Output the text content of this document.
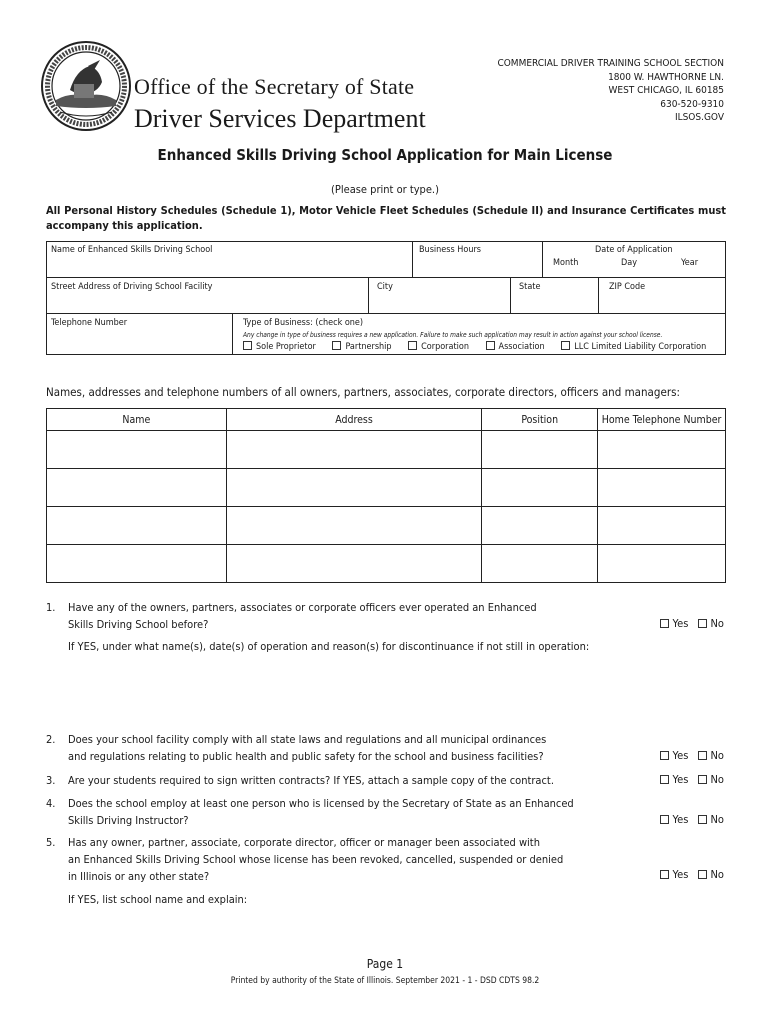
Office of the Secretary of State
Driver Services Department
COMMERCIAL DRIVER TRAINING SCHOOL SECTION
1800 W. HAWTHORNE LN.
WEST CHICAGO, IL 60185
630-520-9310
ILSOS.GOV
Enhanced Skills Driving School Application for Main License
(Please print or type.)
All Personal History Schedules (Schedule 1), Motor Vehicle Fleet Schedules (Schedule II) and Insurance Certificates must accompany this application.
Name of Enhanced Skills Driving School	Business Hours	Date of Application
Month	Day	Year
Street Address of Driving School Facility	City	State	ZIP Code
Telephone Number	Type of Business: (check one)
Any change in type of business requires a new application. Failure to make such application may result in action against your school license.
Sole Proprietor	Partnership	Corporation	Association	LLC Limited Liability Corporation
Names, addresses and telephone numbers of all owners, partners, associates, corporate directors, officers and managers:
Name	Address	Position	Home Telephone Number

1. Have any of the owners, partners, associates or corporate officers ever operated an Enhanced
Skills Driving School before?
If YES, under what name(s), date(s) of operation and reason(s) for discontinuance if not still in operation:
Yes No
2. Does your school facility comply with all state laws and regulations and all municipal ordinances
and regulations relating to public health and public safety for the school and business facilities?	Yes No
3. Are your students required to sign written contracts? If YES, attach a sample copy of the contract.	Yes No
4. Does the school employ at least one person who is licensed by the Secretary of State as an Enhanced
Skills Driving Instructor?	Yes No
5. Has any owner, partner, associate, corporate director, officer or manager been associated with
an Enhanced Skills Driving School whose license has been revoked, cancelled, suspended or denied
in Illinois or any other state?
If YES, list school name and explain:
Yes No
Page 1
Printed by authority of the State of Illinois. September 2021 - 1 - DSD CDTS 98.2
